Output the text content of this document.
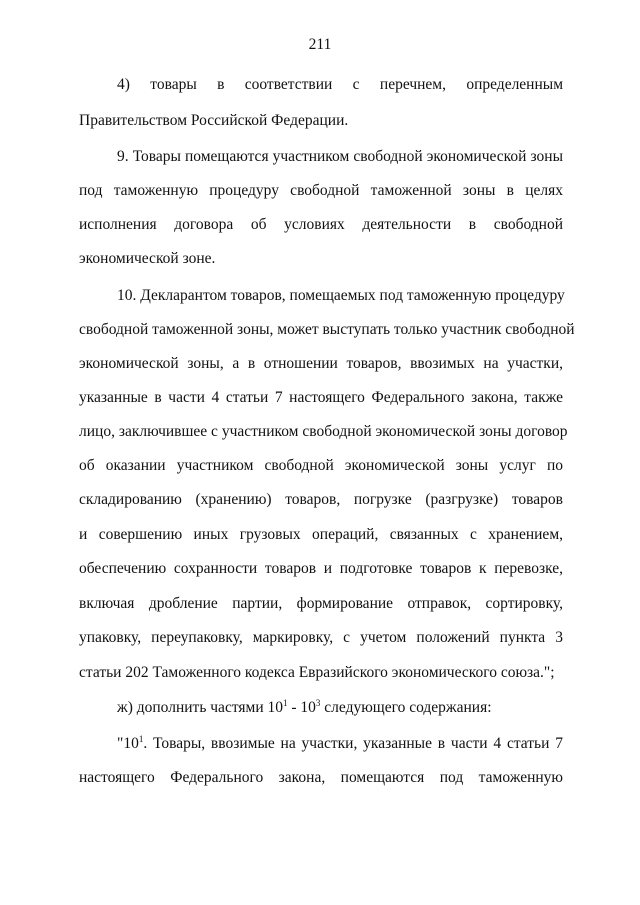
211
4) товары в соответствии с перечнем, определенным
Правительством Российской Федерации.
9. Товары помещаются участником свободной экономической зоны
под таможенную процедуру свободной таможенной зоны в целях
исполнения договора об условиях деятельности в свободной
экономической зоне.
10. Декларантом товаров, помещаемых под таможенную процедуру
свободной таможенной зоны, может выступать только участник свободной
экономической зоны, а в отношении товаров, ввозимых на участки,
указанные в части 4 статьи 7 настоящего Федерального закона, также
лицо, заключившее с участником свободной экономической зоны договор
об оказании участником свободной экономической зоны услуг по
складированию (хранению) товаров, погрузке (разгрузке) товаров
и совершению иных грузовых операций, связанных с хранением,
обеспечению сохранности товаров и подготовке товаров к перевозке,
включая дробление партии, формирование отправок, сортировку,
упаковку, переупаковку, маркировку, с учетом положений пункта 3
статьи 202 Таможенного кодекса Евразийского экономического союза.";
ж) дополнить частями $10^1 - 10^3$ следующего содержания:
"$10^1$. Товары, ввозимые на участки, указанные в части 4 статьи 7
настоящего Федерального закона, помещаются под таможенную
